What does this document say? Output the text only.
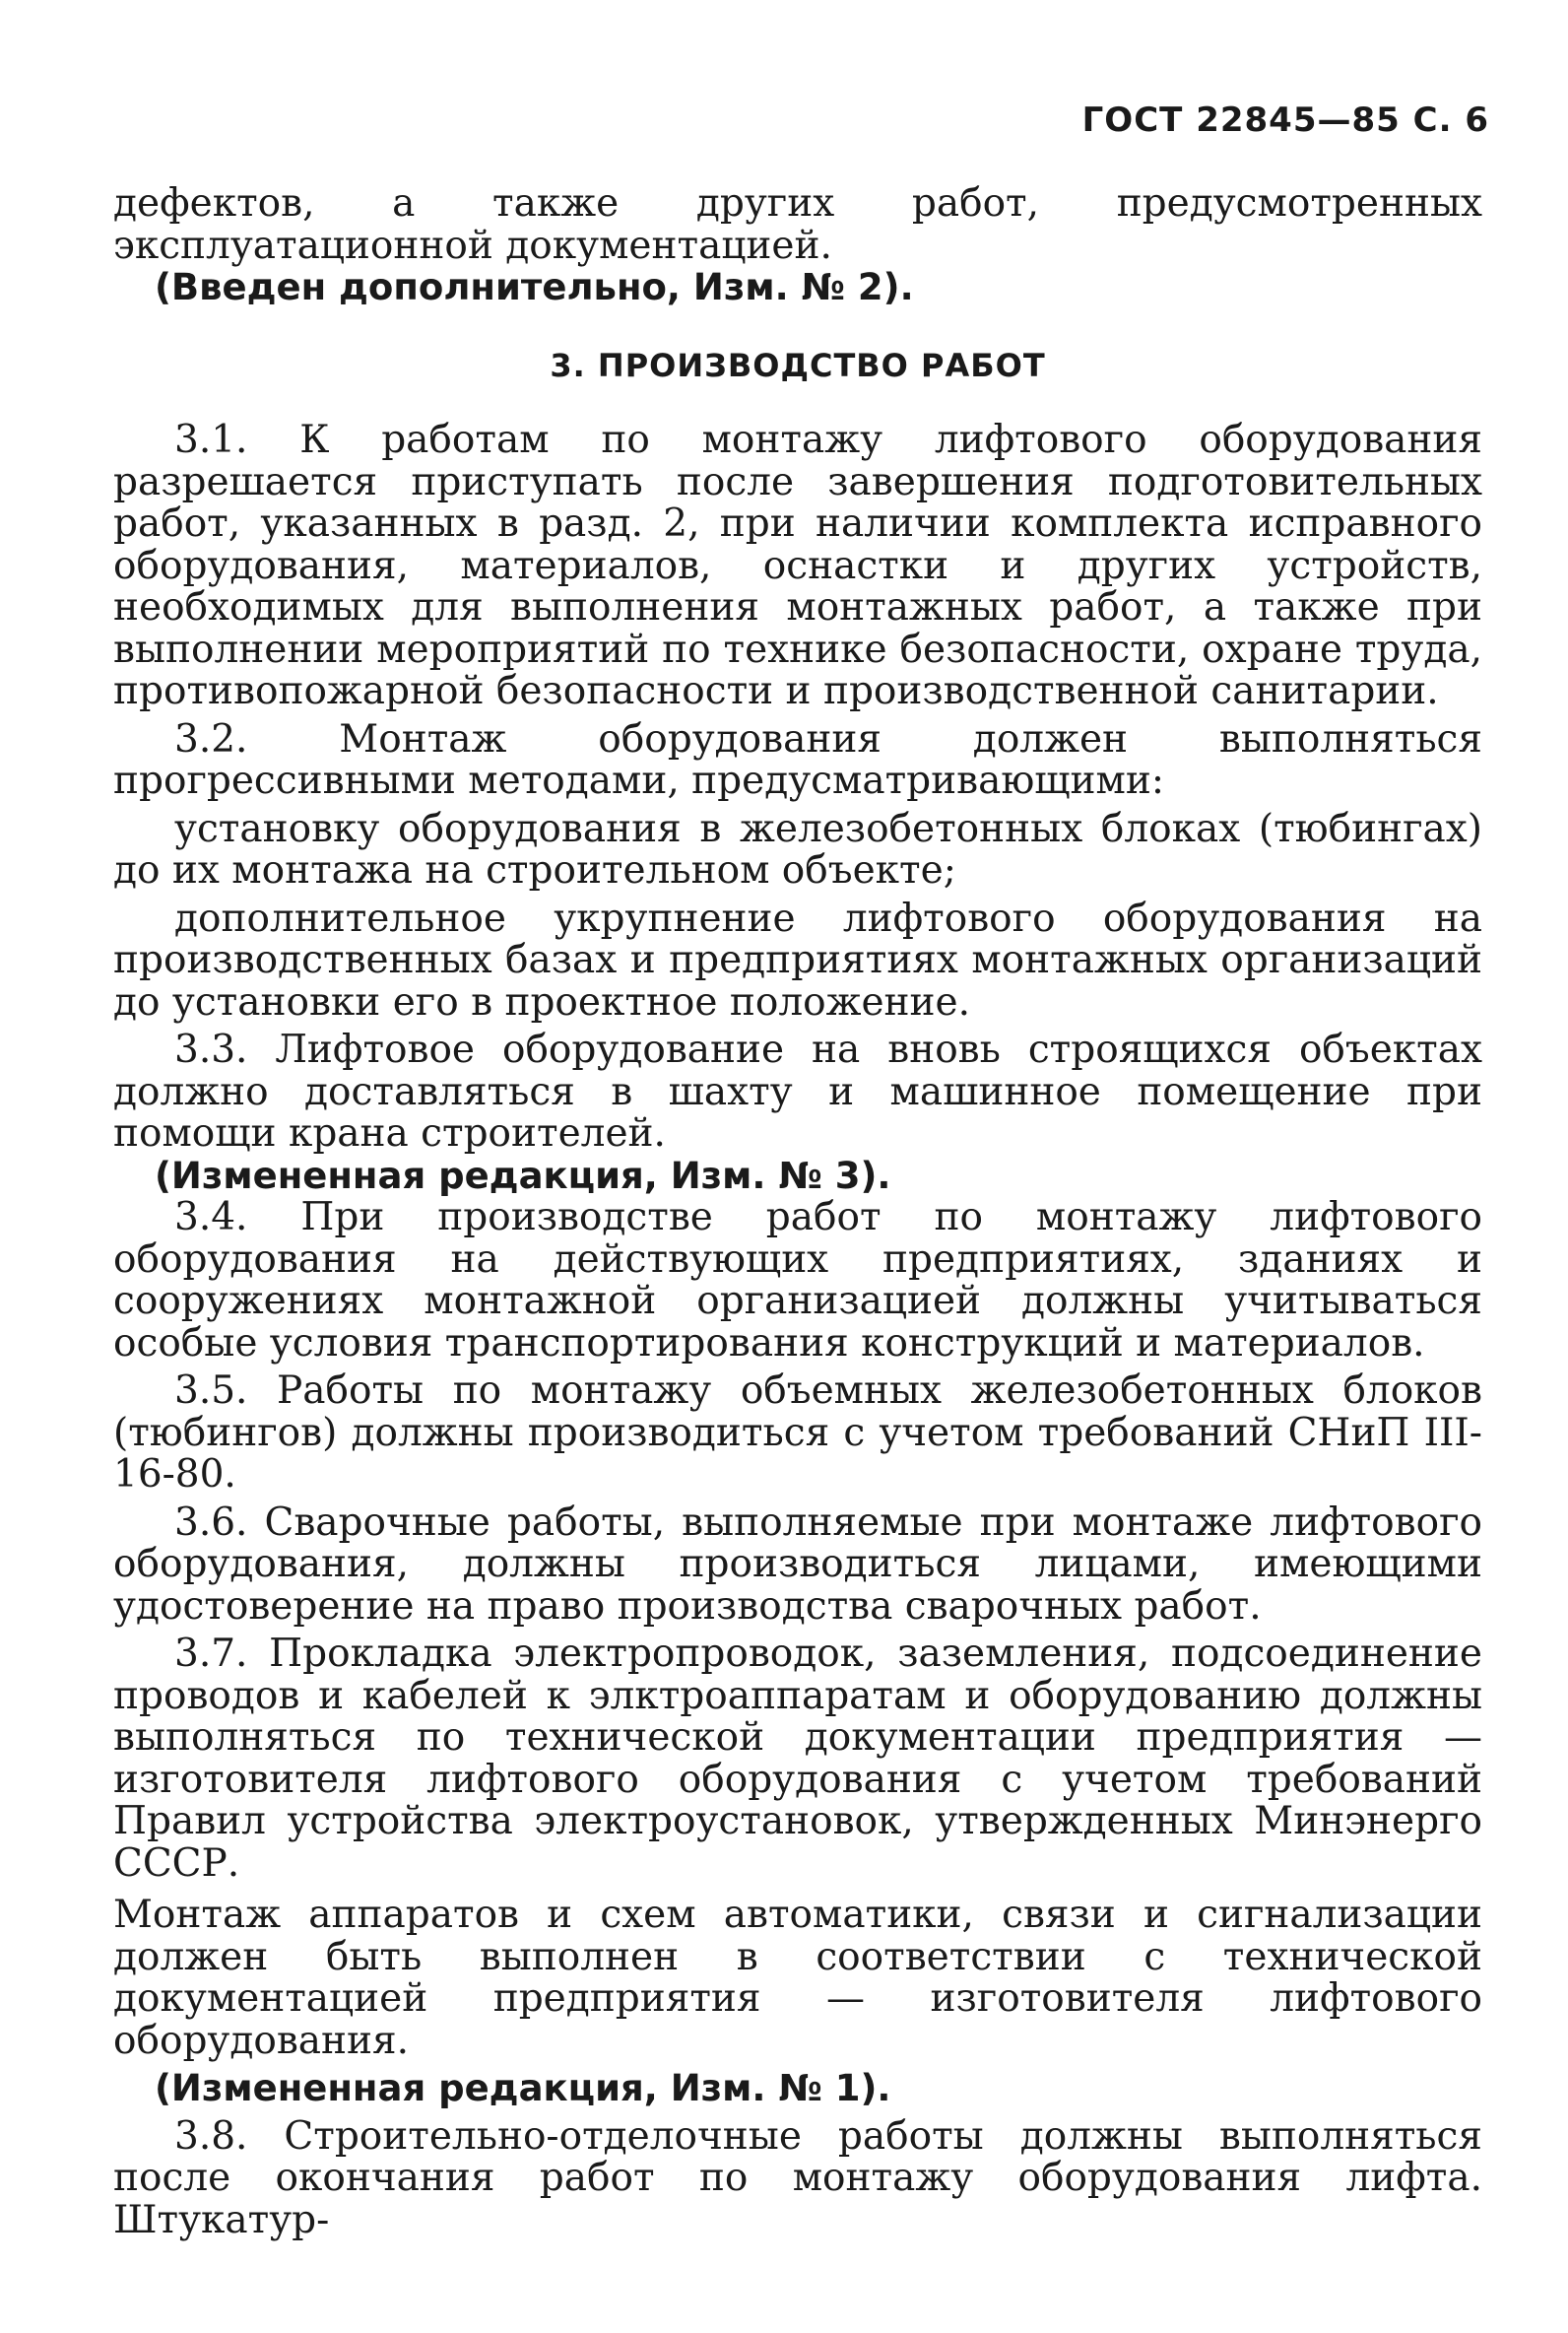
ГОСТ 22845—85 С. 6

дефектов, а также других работ, предусмотренных эксплуатационной документацией.

(Введен дополнительно, Изм. № 2).

3. ПРОИЗВОДСТВО РАБОТ

3.1. К работам по монтажу лифтового оборудования разрешается приступать после завершения подготовительных работ, указанных в разд. 2, при наличии комплекта исправного оборудования, материалов, оснастки и других устройств, необходимых для выполнения монтажных работ, а также при выполнении мероприятий по технике безопасности, охране труда, противопожарной безопасности и производственной санитарии.

3.2. Монтаж оборудования должен выполняться прогрессивными методами, предусматривающими:

установку оборудования в железобетонных блоках (тюбингах) до их монтажа на строительном объекте;

дополнительное укрупнение лифтового оборудования на производственных базах и предприятиях монтажных организаций до установки его в проектное положение.

3.3. Лифтовое оборудование на вновь строящихся объектах должно доставляться в шахту и машинное помещение при помощи крана строителей.

(Измененная редакция, Изм. № 3).

3.4. При производстве работ по монтажу лифтового оборудования на действующих предприятиях, зданиях и сооружениях монтажной организацией должны учитываться особые условия транспортирования конструкций и материалов.

3.5. Работы по монтажу объемных железобетонных блоков (тюбингов) должны производиться с учетом требований СНиП III-16-80.

3.6. Сварочные работы, выполняемые при монтаже лифтового оборудования, должны производиться лицами, имеющими удостоверение на право производства сварочных работ.

3.7. Прокладка электропроводок, заземления, подсоединение проводов и кабелей к элктроаппаратам и оборудованию должны выполняться по технической документации предприятия — изготовителя лифтового оборудования с учетом требований Правил устройства электроустановок, утвержденных Минэнерго СССР.

Монтаж аппаратов и схем автоматики, связи и сигнализации должен быть выполнен в соответствии с технической документацией предприятия — изготовителя лифтового оборудования.

(Измененная редакция, Изм. № 1).

3.8. Строительно-отделочные работы должны выполняться после окончания работ по монтажу оборудования лифта. Штукатур-
